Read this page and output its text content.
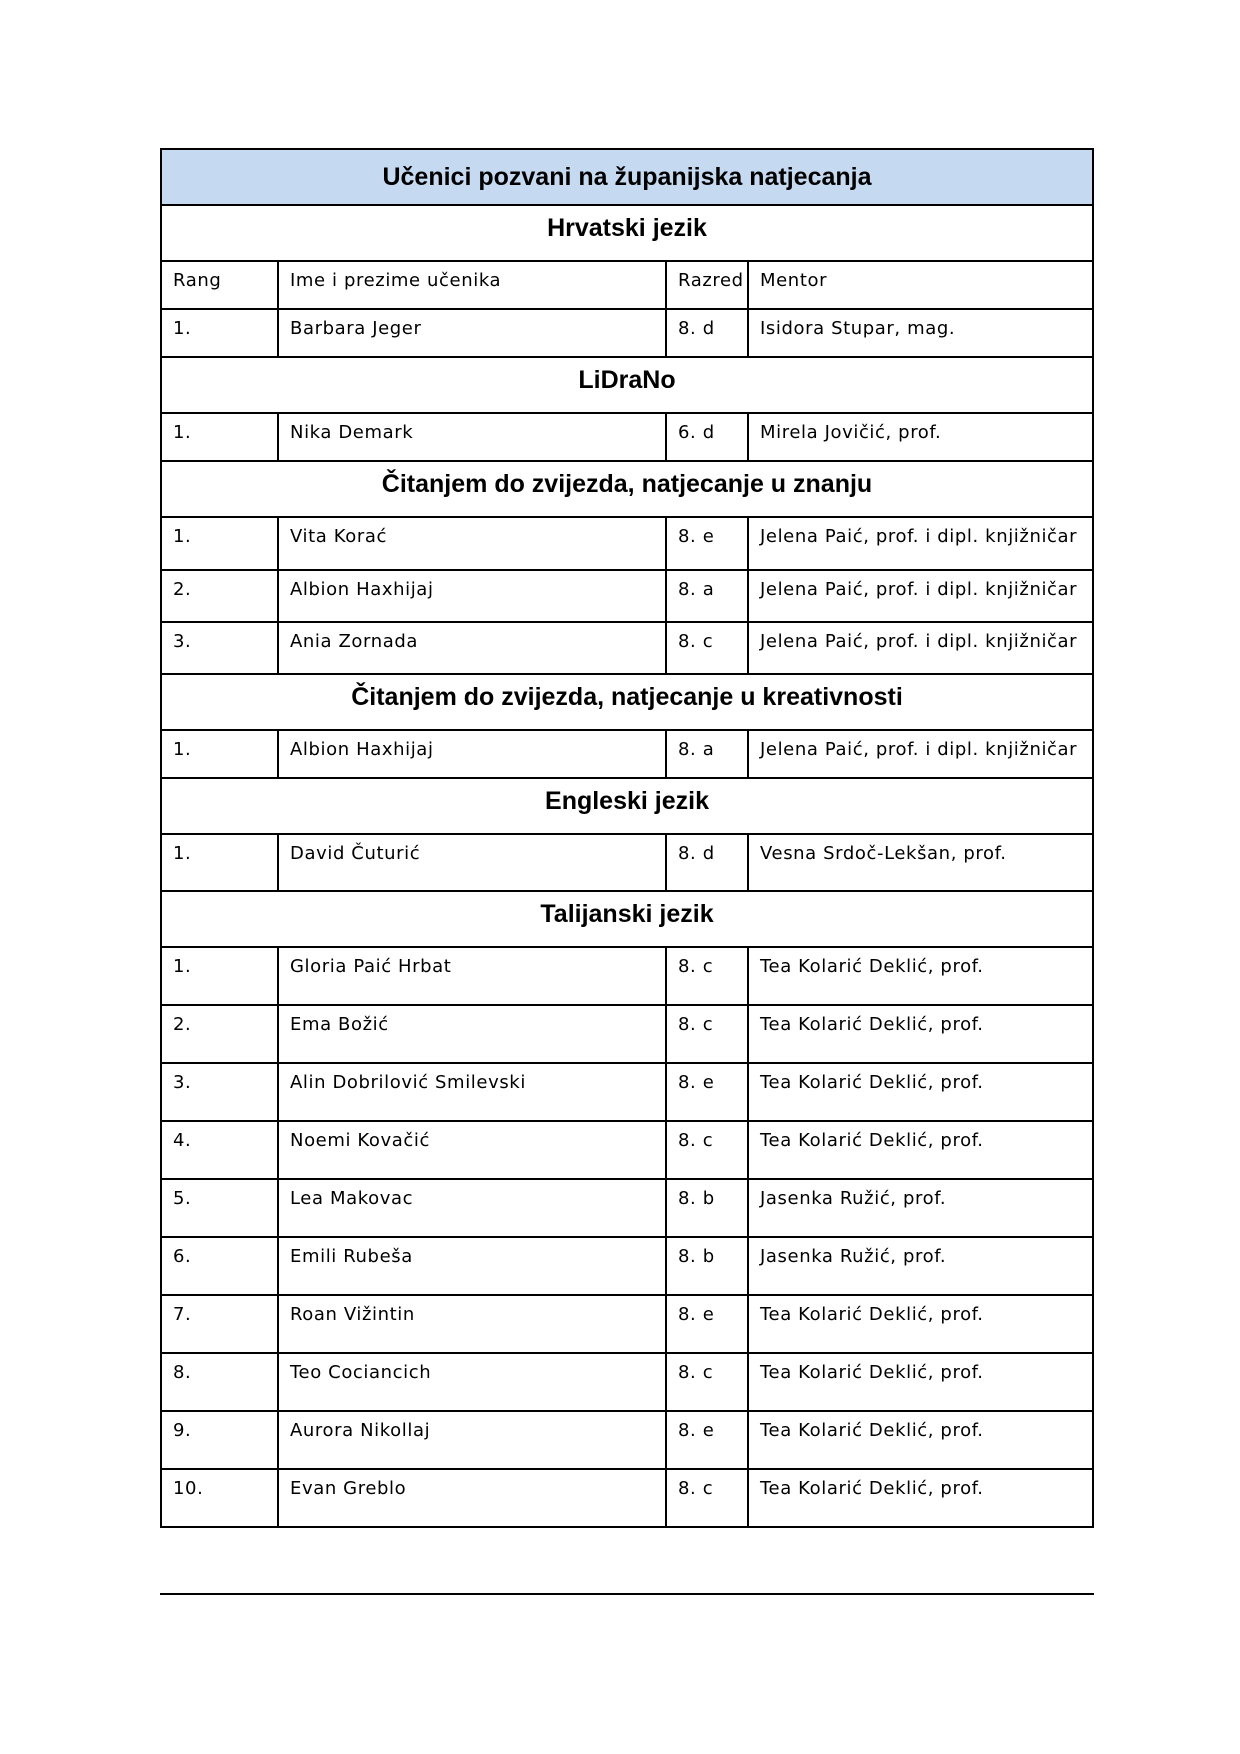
Učenici pozvani na županijska natjecanja
Hrvatski jezik
Rang	Ime i prezime učenika	Razred Mentor
1.	Barbara Jeger	8. d	Isidora Stupar, mag.
LiDraNo
1.	Nika Demark	6. d	Mirela Jovičić, prof.
Čitanjem do zvijezda, natjecanje u znanju
1.	Vita Korać	8. e	Jelena Paić, prof. i dipl. knjižničar
2.	Albion Haxhijaj	8. a	Jelena Paić, prof. i dipl. knjižničar
3.	Ania Zornada	8. c	Jelena Paić, prof. i dipl. knjižničar
Čitanjem do zvijezda, natjecanje u kreativnosti
1.	Albion Haxhijaj	8. a	Jelena Paić, prof. i dipl. knjižničar
Engleski jezik
1.	David Čuturić	8. d	Vesna Srdoč-Lekšan, prof.
Talijanski jezik
1.	Gloria Paić Hrbat	8. c	Tea Kolarić Deklić, prof.
2.	Ema Božić	8. c	Tea Kolarić Deklić, prof.
3.	Alin Dobrilović Smilevski	8. e	Tea Kolarić Deklić, prof.
4.	Noemi Kovačić	8. c	Tea Kolarić Deklić, prof.
5.	Lea Makovac	8. b	Jasenka Ružić, prof.
6.	Emili Rubeša	8. b	Jasenka Ružić, prof.
7.	Roan Vižintin	8. e	Tea Kolarić Deklić, prof.
8.	Teo Cociancich	8. c	Tea Kolarić Deklić, prof.
9.	Aurora Nikollaj	8. e	Tea Kolarić Deklić, prof.
10.	Evan Greblo	8. c	Tea Kolarić Deklić, prof.
